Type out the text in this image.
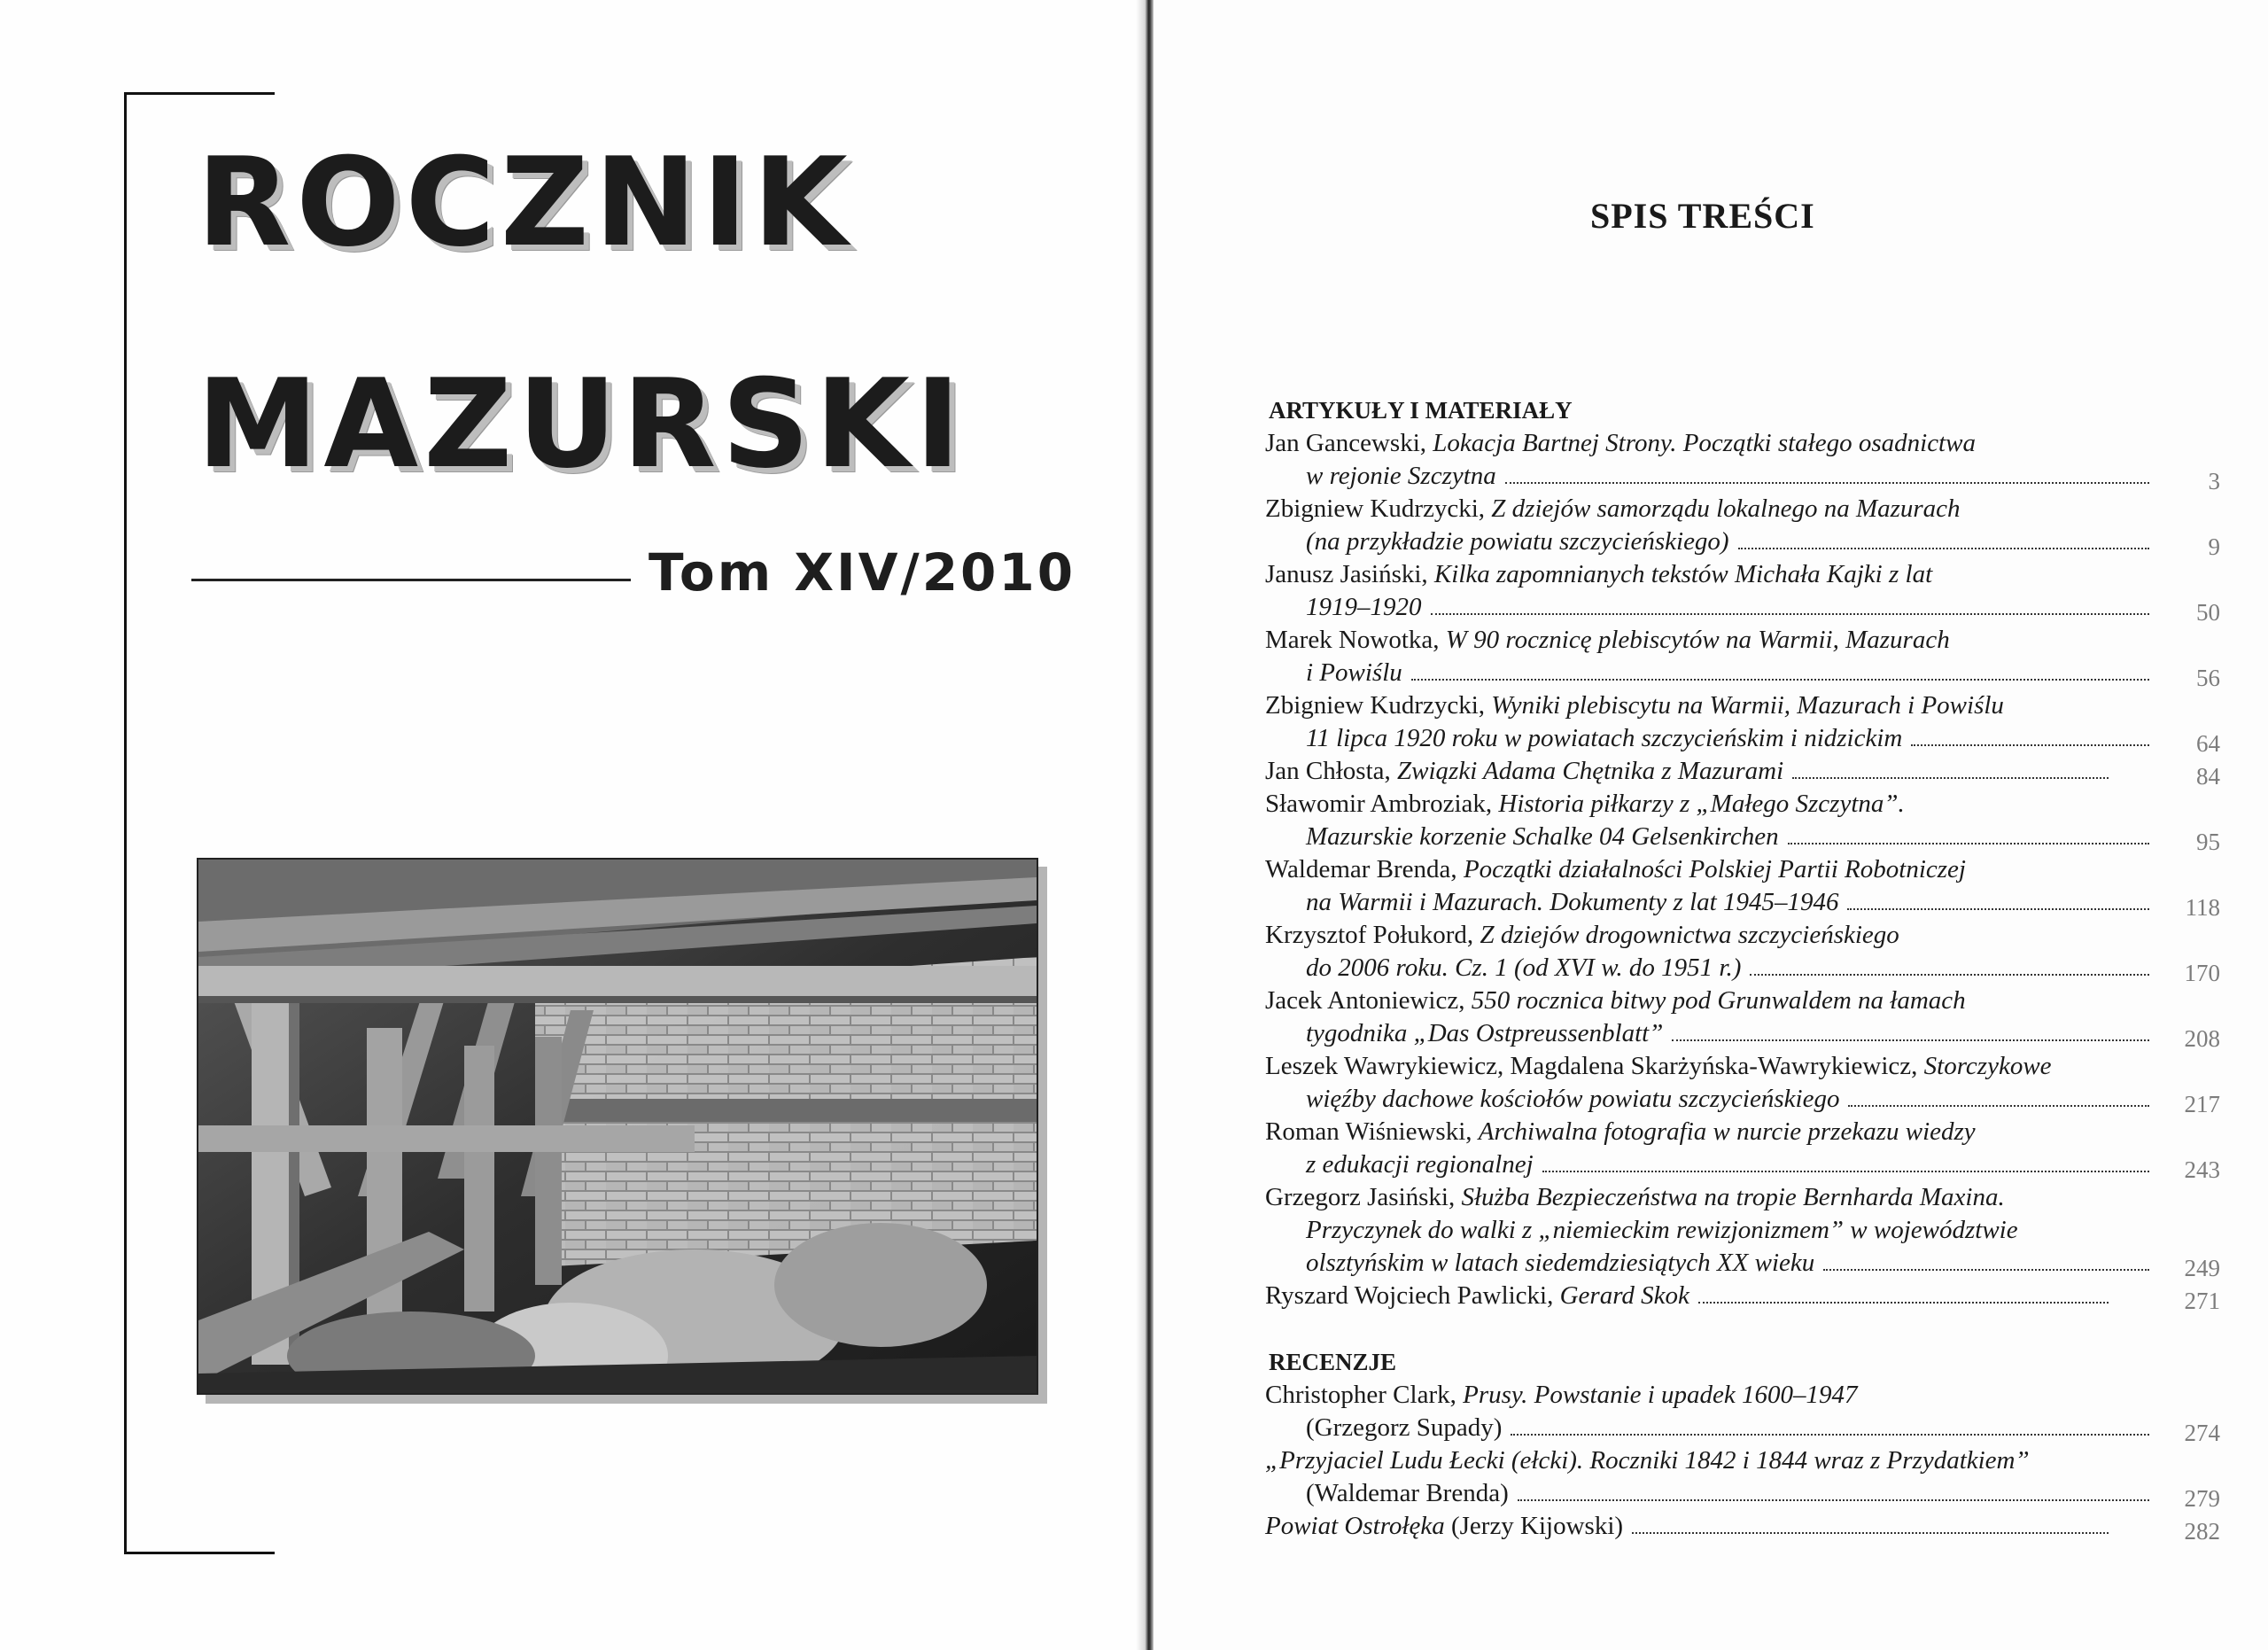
ROCZNIK
MAZURSKI
Tom XIV/2010
SPIS TREŚCI
ARTYKUŁY I MATERIAŁY
Jan Gancewski, Lokacja Bartnej Strony. Początki stałego osadnictwa
w rejonie Szczytna	3
Zbigniew Kudrzycki, Z dziejów samorządu lokalnego na Mazurach
(na przykładzie powiatu szczycieńskiego)	9
Janusz Jasiński, Kilka zapomnianych tekstów Michała Kajki z lat
1919–1920	50
Marek Nowotka, W 90 rocznicę plebiscytów na Warmii, Mazurach
i Powiślu	56
Zbigniew Kudrzycki, Wyniki plebiscytu na Warmii, Mazurach i Powiślu
11 lipca 1920 roku w powiatach szczycieńskim i nidzickim	64
Jan Chłosta, Związki Adama Chętnika z Mazurami	84
Sławomir Ambroziak, Historia piłkarzy z „Małego Szczytna”.
Mazurskie korzenie Schalke 04 Gelsenkirchen	95
Waldemar Brenda, Początki działalności Polskiej Partii Robotniczej
na Warmii i Mazurach. Dokumenty z lat 1945–1946	118
Krzysztof Połukord, Z dziejów drogownictwa szczycieńskiego
do 2006 roku. Cz. 1 (od XVI w. do 1951 r.)	170
Jacek Antoniewicz, 550 rocznica bitwy pod Grunwaldem na łamach
tygodnika „Das Ostpreussenblatt”	208
Leszek Wawrykiewicz, Magdalena Skarżyńska-Wawrykiewicz, Storczykowe
więźby dachowe kościołów powiatu szczycieńskiego	217
Roman Wiśniewski, Archiwalna fotografia w nurcie przekazu wiedzy
z edukacji regionalnej	243
Grzegorz Jasiński, Służba Bezpieczeństwa na tropie Bernharda Maxina.
Przyczynek do walki z „niemieckim rewizjonizmem” w województwie
olsztyńskim w latach siedemdziesiątych XX wieku	249
Ryszard Wojciech Pawlicki, Gerard Skok	271
RECENZJE
Christopher Clark, Prusy. Powstanie i upadek 1600–1947
(Grzegorz Supady)	274
„Przyjaciel Ludu Łecki (ełcki). Roczniki 1842 i 1844 wraz z Przydatkiem”
(Waldemar Brenda)	279
Powiat Ostrołęka (Jerzy Kijowski)	282
